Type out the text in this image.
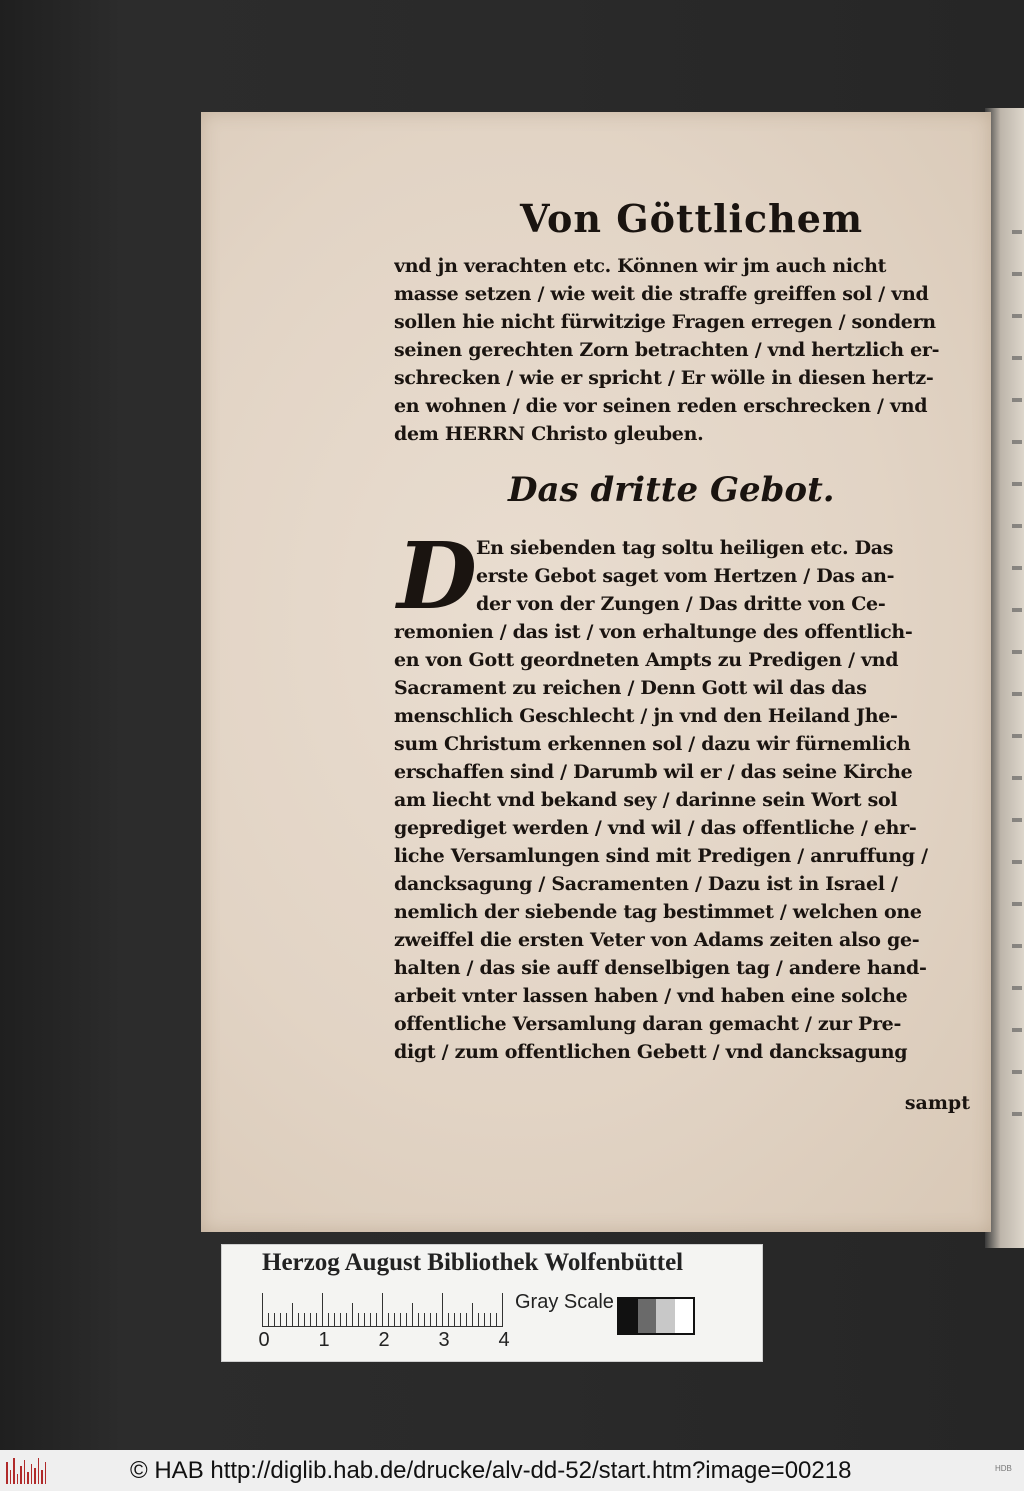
Von Göttlichem
vnd jn verachten etc. Können wir jm auch nicht
masse setzen / wie weit die straffe greiffen sol / vnd
sollen hie nicht fürwitzige Fragen erregen / sondern
seinen gerechten Zorn betrachten / vnd hertzlich er-
schrecken / wie er spricht / Er wölle in diesen hertz-
en wohnen / die vor seinen reden erschrecken / vnd
dem HERRN Christo gleuben.
Das dritte Gebot.
D En siebenden tag soltu heiligen etc. Das
erste Gebot saget vom Hertzen / Das an-
der von der Zungen / Das dritte von Ce-
remonien / das ist / von erhaltunge des offentlich-
en von Gott geordneten Ampts zu Predigen / vnd
Sacrament zu reichen / Denn Gott wil das das
menschlich Geschlecht / jn vnd den Heiland Jhe-
sum Christum erkennen sol / dazu wir fürnemlich
erschaffen sind / Darumb wil er / das seine Kirche
am liecht vnd bekand sey / darinne sein Wort sol
geprediget werden / vnd wil / das offentliche / ehr-
liche Versamlungen sind mit Predigen / anruffung /
dancksagung / Sacramenten / Dazu ist in Israel /
nemlich der siebende tag bestimmet / welchen one
zweiffel die ersten Veter von Adams zeiten also ge-
halten / das sie auff denselbigen tag / andere hand-
arbeit vnter lassen haben / vnd haben eine solche
offentliche Versamlung daran gemacht / zur Pre-
digt / zum offentlichen Gebett / vnd dancksagung
sampt
Herzog August Bibliothek Wolfenbüttel
0 1 2 3 4
Gray Scale
© HAB http://diglib.hab.de/drucke/alv-dd-52/start.htm?image=00218	HDB
